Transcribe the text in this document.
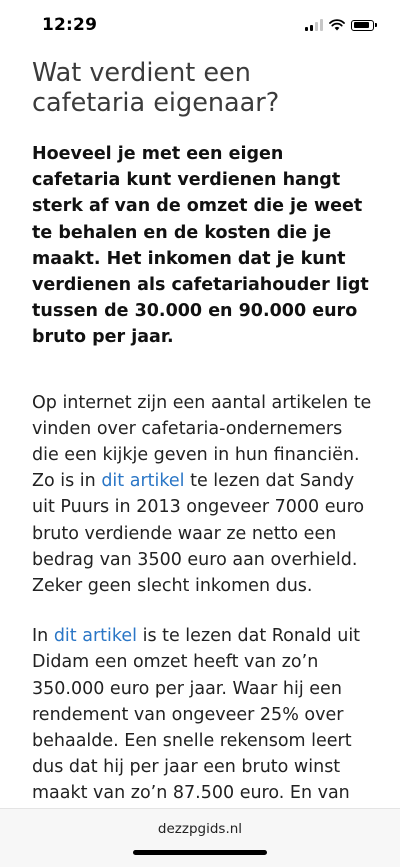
12:29
Wat verdient een cafetaria eigenaar?

Hoeveel je met een eigen cafetaria kunt verdienen hangt sterk af van de omzet die je weet te behalen en de kosten die je maakt. Het inkomen dat je kunt verdienen als cafetariahouder ligt tussen de 30.000 en 90.000 euro bruto per jaar.

Op internet zijn een aantal artikelen te vinden over cafetaria-ondernemers die een kijkje geven in hun financiën. Zo is in dit artikel te lezen dat Sandy uit Puurs in 2013 ongeveer 7000 euro bruto verdiende waar ze netto een bedrag van 3500 euro aan overhield. Zeker geen slecht inkomen dus.

In dit artikel is te lezen dat Ronald uit Didam een omzet heeft van zo’n 350.000 euro per jaar. Waar hij een rendement van ongeveer 25% over behaalde. Een snelle rekensom leert dus dat hij per jaar een bruto winst maakt van zo’n 87.500 euro. En van

dezzpgids.nl
